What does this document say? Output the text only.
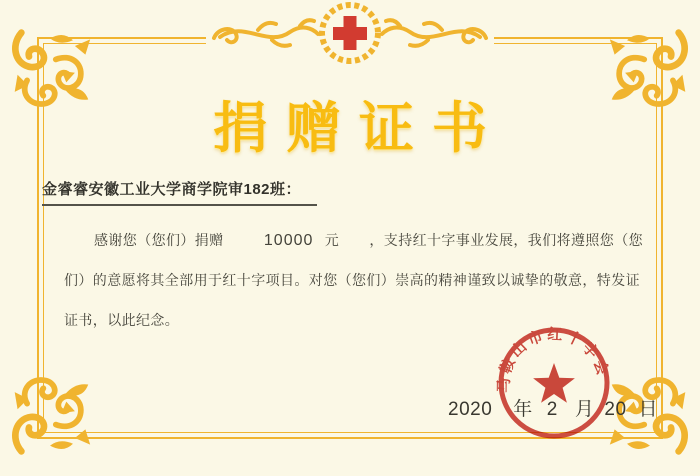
捐赠证书
金睿睿安徽工业大学商学院审182班：
感谢您（您们）捐赠	10000 元 ，支持红十字事业发展，我们将遵照您（您
们）的意愿将其全部用于红十字项目。对您（您们）崇高的精神谨致以诚挚的敬意，特发证
证书，以此纪念。
2020 年 2 月 20 日
马鞍山市红十字会
